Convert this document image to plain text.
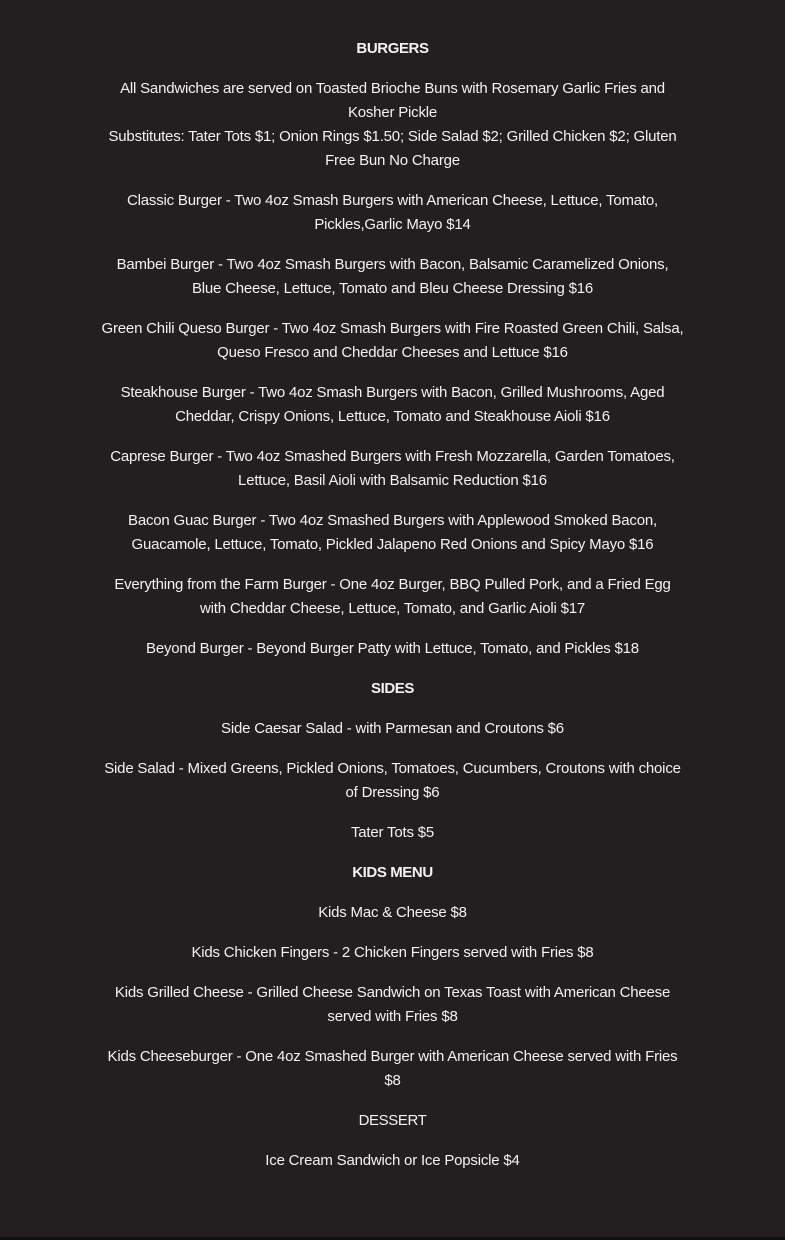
BURGERS

All Sandwiches are served on Toasted Brioche Buns with Rosemary Garlic Fries and Kosher Pickle

Substitutes: Tater Tots $1; Onion Rings $1.50; Side Salad $2; Grilled Chicken $2; Gluten Free Bun No Charge

Classic Burger - Two 4oz Smash Burgers with American Cheese, Lettuce, Tomato, Pickles,Garlic Mayo $14

Bambei Burger - Two 4oz Smash Burgers with Bacon, Balsamic Caramelized Onions, Blue Cheese, Lettuce, Tomato and Bleu Cheese Dressing $16

Green Chili Queso Burger - Two 4oz Smash Burgers with Fire Roasted Green Chili, Salsa, Queso Fresco and Cheddar Cheeses and Lettuce $16

Steakhouse Burger - Two 4oz Smash Burgers with Bacon, Grilled Mushrooms, Aged Cheddar, Crispy Onions, Lettuce, Tomato and Steakhouse Aioli $16

Caprese Burger - Two 4oz Smashed Burgers with Fresh Mozzarella, Garden Tomatoes, Lettuce, Basil Aioli with Balsamic Reduction $16

Bacon Guac Burger - Two 4oz Smashed Burgers with Applewood Smoked Bacon, Guacamole, Lettuce, Tomato, Pickled Jalapeno Red Onions and Spicy Mayo $16

Everything from the Farm Burger - One 4oz Burger, BBQ Pulled Pork, and a Fried Egg with Cheddar Cheese, Lettuce, Tomato, and Garlic Aioli $17

Beyond Burger - Beyond Burger Patty with Lettuce, Tomato, and Pickles $18

SIDES

Side Caesar Salad - with Parmesan and Croutons $6

Side Salad - Mixed Greens, Pickled Onions, Tomatoes, Cucumbers, Croutons with choice of Dressing $6

Tater Tots $5

KIDS MENU

Kids Mac & Cheese $8

Kids Chicken Fingers - 2 Chicken Fingers served with Fries $8

Kids Grilled Cheese - Grilled Cheese Sandwich on Texas Toast with American Cheese served with Fries $8

Kids Cheeseburger - One 4oz Smashed Burger with American Cheese served with Fries $8

DESSERT

Ice Cream Sandwich or Ice Popsicle $4
